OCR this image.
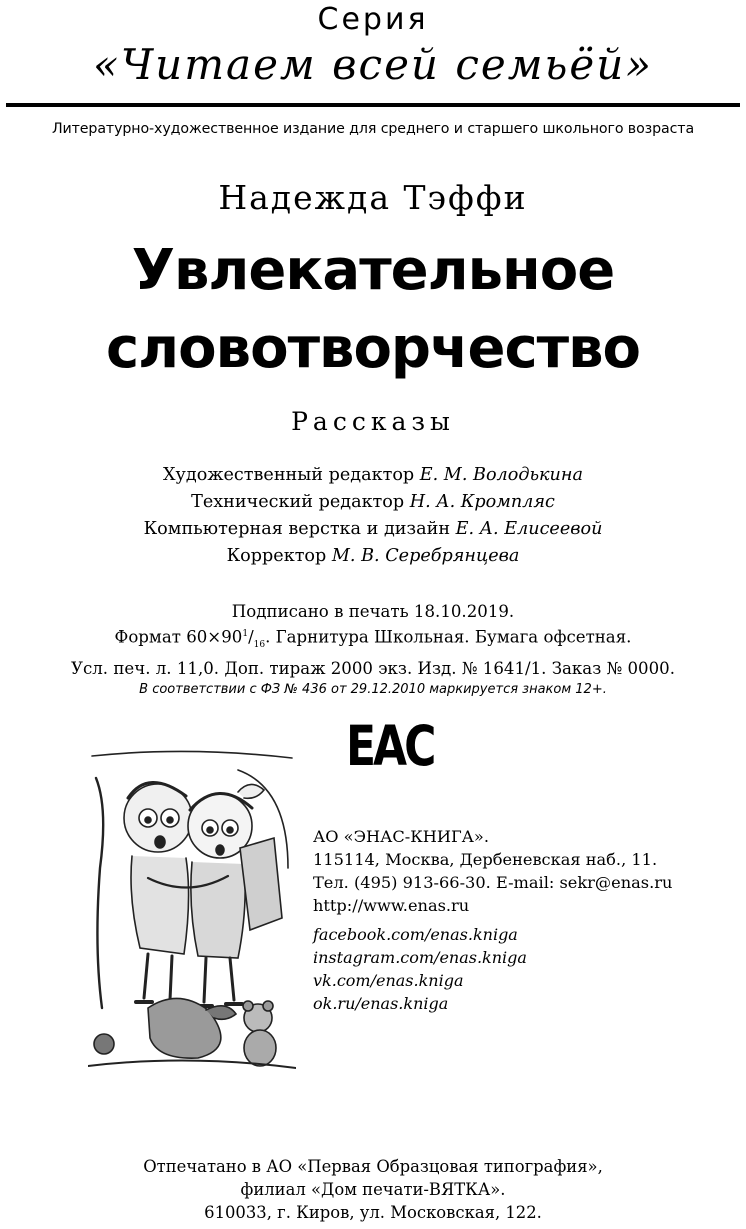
Серия
«Читаем всей семьёй»
Литературно-художественное издание для среднего и старшего школьного возраста
Надежда Тэффи
Увлекательное
словотворчество
Рассказы
Художественный редактор Е. М. Володькина
Технический редактор Н. А. Кромпляс
Компьютерная верстка и дизайн Е. А. Елисеевой
Корректор М. В. Серебрянцева
Подписано в печать 18.10.2019.
Формат $60\times 90^1/_{16}$. Гарнитура Школьная. Бумага офсетная.
Усл. печ. л. 11,0. Доп. тираж 2000 экз. Изд. № 1641/1. Заказ № 0000.
В соответствии с ФЗ № 436 от 29.12.2010 маркируется знаком 12+.
ЕАС
АО «ЭНАС-КНИГА».
115114, Москва, Дербеневская наб., 11.
Тел. (495) 913-66-30. E-mail: sekr@enas.ru
http://www.enas.ru
facebook.com/enas.kniga
instagram.com/enas.kniga
vk.com/enas.kniga
ok.ru/enas.kniga
Отпечатано в АО «Первая Образцовая типография»,
филиал «Дом печати-ВЯТКА».
610033, г. Киров, ул. Московская, 122.
